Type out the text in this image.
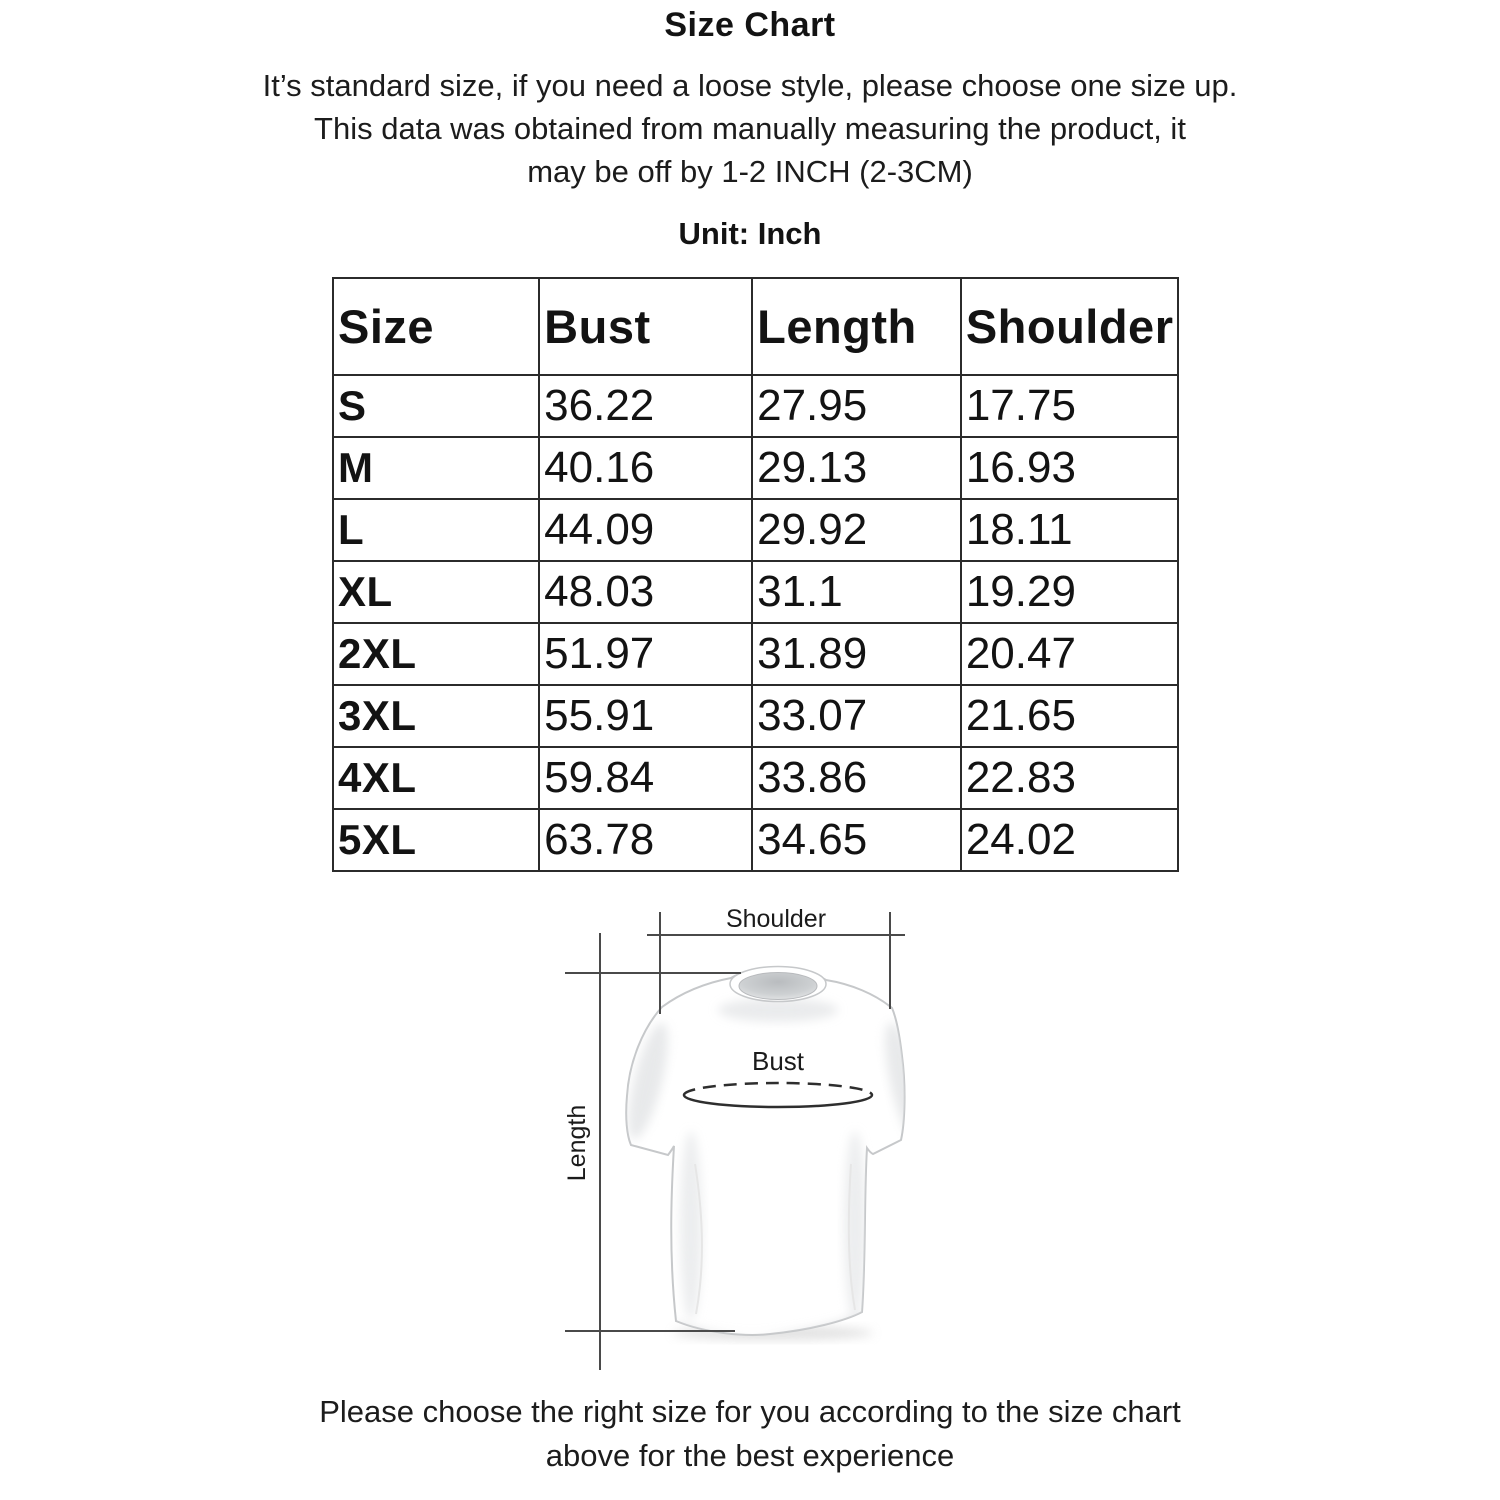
Size Chart
It’s standard size, if you need a loose style, please choose one size up.
This data was obtained from manually measuring the product, it
may be off by 1-2 INCH (2-3CM)
Unit: Inch
Size	Bust	Length	Shoulder
S	36.22	27.95	17.75
M	40.16	29.13	16.93
L	44.09	29.92	18.11
XL	48.03	31.1	19.29
2XL	51.97	31.89	20.47
3XL	55.91	33.07	21.65
4XL	59.84	33.86	22.83
5XL	63.78	34.65	24.02
Shoulder
Bust
Length
Please choose the right size for you according to the size chart
above for the best experience
